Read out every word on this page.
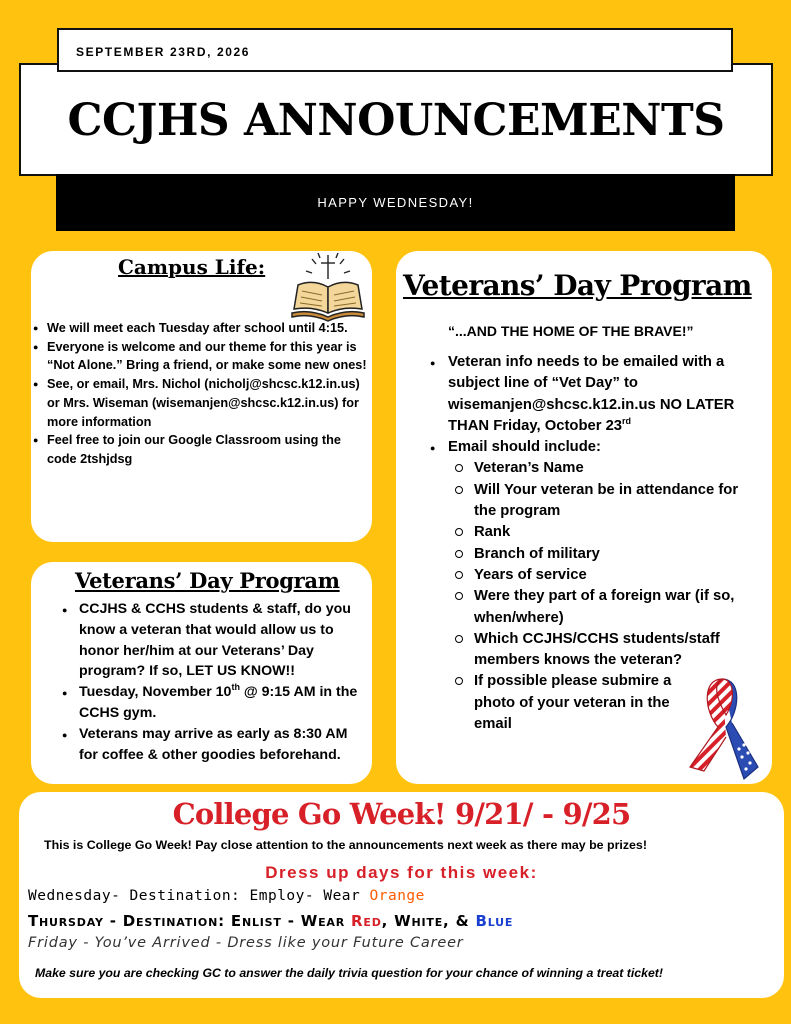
SEPTEMBER 23RD, 2026
CCJHS ANNOUNCEMENTS
HAPPY WEDNESDAY!
Campus Life:
● We will meet each Tuesday after school until 4:15.
● Everyone is welcome and our theme for this year is “Not Alone.” Bring a friend, or make some new ones!
● See, or email, Mrs. Nichol (nicholj@shcsc.k12.in.us) or Mrs. Wiseman (wisemanjen@shcsc.k12.in.us) for more information
● Feel free to join our Google Classroom using the code 2tshjdsg
Veterans’ Day Program
“...AND THE HOME OF THE BRAVE!”
● Veteran info needs to be emailed with a subject line of “Vet Day” to wisemanjen@shcsc.k12.in.us NO LATER THAN Friday, October 23rd
● Email should include:
Veteran’s Name
Will Your veteran be in attendance for the program
Rank
Branch of military
Years of service
Were they part of a foreign war (if so, when/where)
Which CCJHS/CCHS students/staff members knows the veteran?
If possible please submire a photo of your veteran in the email
Veterans’ Day Program
● CCJHS & CCHS students & staff, do you know a veteran that would allow us to honor her/him at our Veterans’ Day program? If so, LET US KNOW!!
● Tuesday, November 10th @ 9:15 AM in the CCHS gym.
● Veterans may arrive as early as 8:30 AM for coffee & other goodies beforehand.
College Go Week! 9/21/ - 9/25
This is College Go Week! Pay close attention to the announcements next week as there may be prizes!
Dress up days for this week:
Wednesday- Destination: Employ- Wear Orange
Thursday - Destination: Enlist - Wear Red, White, & Blue
Friday - You’ve Arrived - Dress like your Future Career
Make sure you are checking GC to answer the daily trivia question for your chance of winning a treat ticket!
